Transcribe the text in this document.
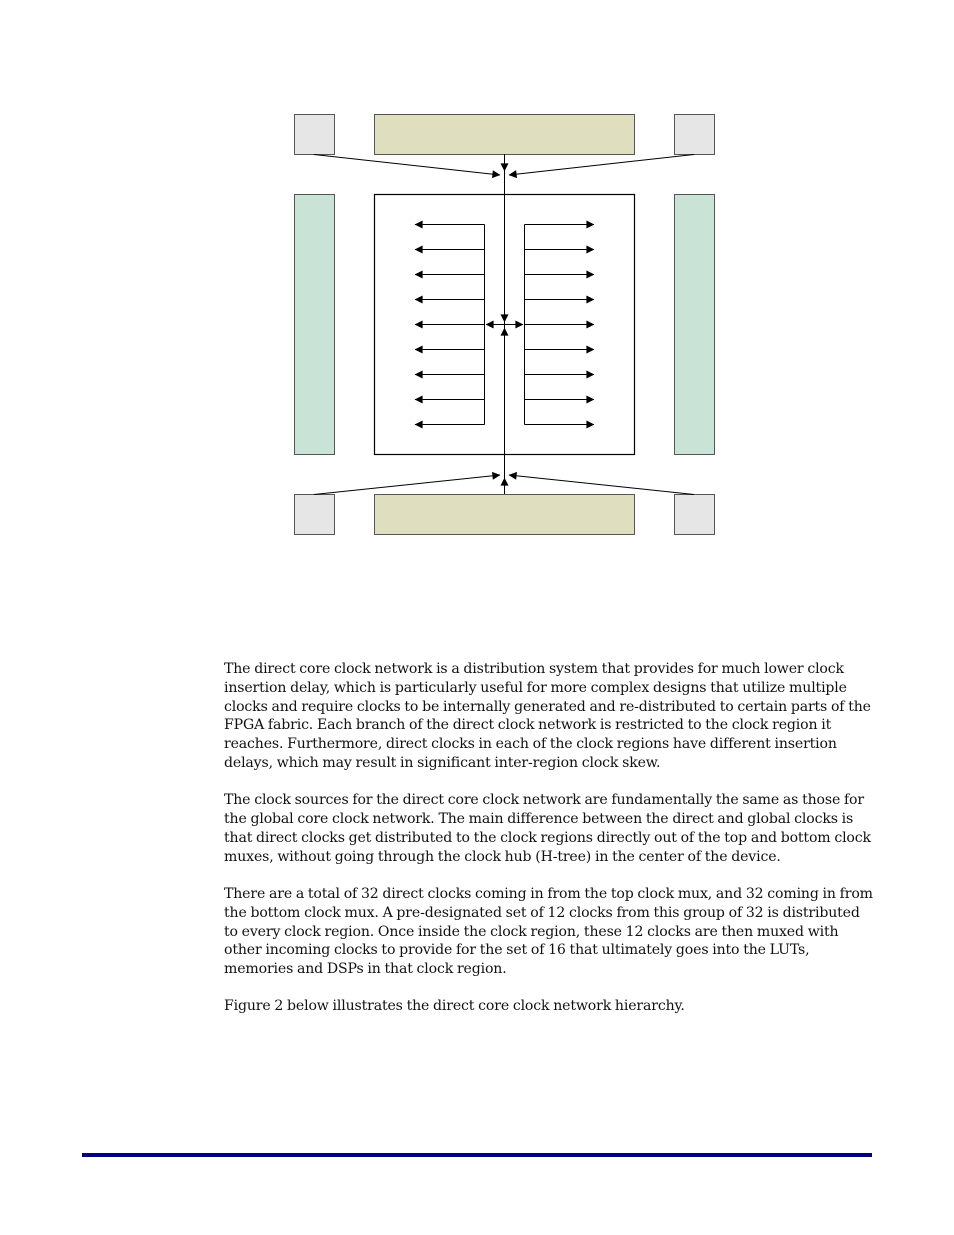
The direct core clock network is a distribution system that provides for much lower clock insertion delay, which is particularly useful for more complex designs that utilize multiple clocks and require clocks to be internally generated and re-distributed to certain parts of the FPGA fabric. Each branch of the direct clock network is restricted to the clock region it reaches. Furthermore, direct clocks in each of the clock regions have different insertion delays, which may result in significant inter-region clock skew.

The clock sources for the direct core clock network are fundamentally the same as those for the global core clock network. The main difference between the direct and global clocks is that direct clocks get distributed to the clock regions directly out of the top and bottom clock muxes, without going through the clock hub (H-tree) in the center of the device.

There are a total of 32 direct clocks coming in from the top clock mux, and 32 coming in from the bottom clock mux. A pre-designated set of 12 clocks from this group of 32 is distributed to every clock region. Once inside the clock region, these 12 clocks are then muxed with other incoming clocks to provide for the set of 16 that ultimately goes into the LUTs, memories and DSPs in that clock region.

Figure 2 below illustrates the direct core clock network hierarchy.
